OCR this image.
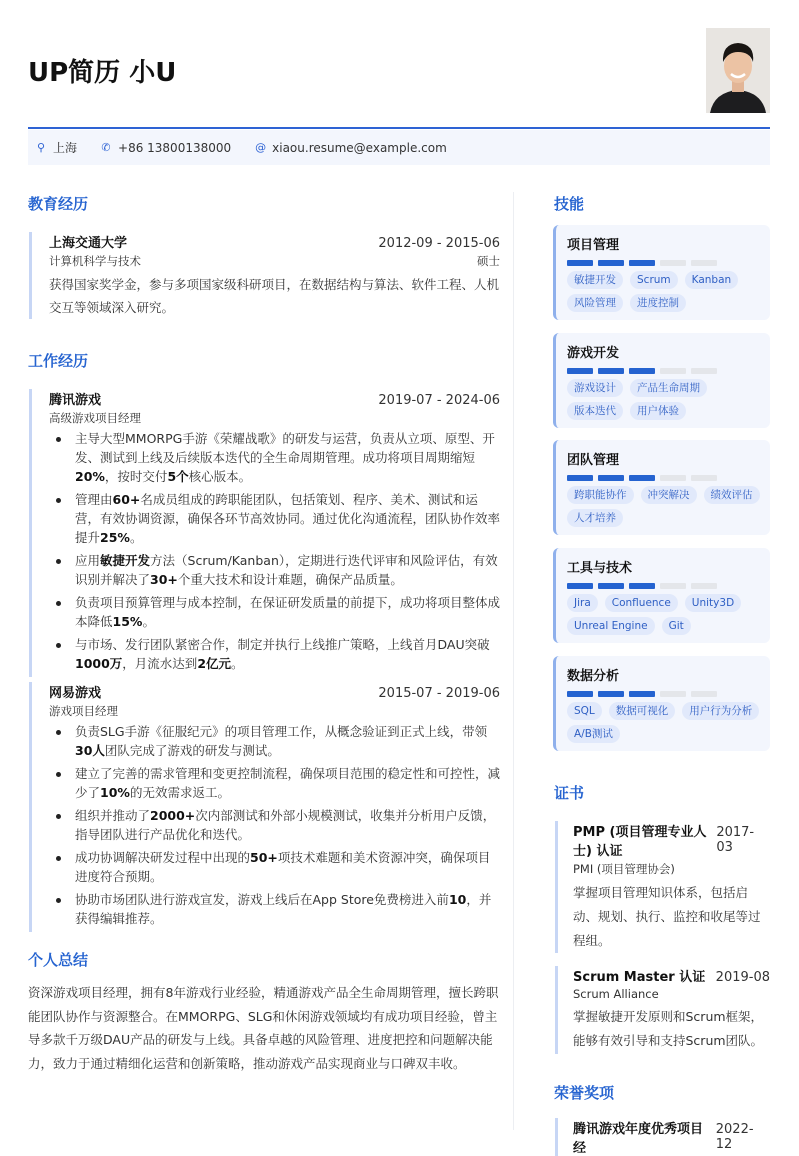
UP简历 小U
⚲ 上海 ✆ +86 13800138000 @ xiaou.resume@example.com
教育经历
上海交通大学	2012-09 - 2015-06
计算机科学与技术	硕士
获得国家奖学金，参与多项国家级科研项目，在数据结构与算法、软件工程、人机交互等领域深入研究。
工作经历
腾讯游戏	2019-07 - 2024-06
高级游戏项目经理
主导大型MMORPG手游《荣耀战歌》的研发与运营，负责从立项、原型、开发、测试到上线及后续版本迭代的全生命周期管理。成功将项目周期缩短20%，按时交付5个核心版本。
管理由60+名成员组成的跨职能团队，包括策划、程序、美术、测试和运营，有效协调资源，确保各环节高效协同。通过优化沟通流程，团队协作效率提升25%。
应用敏捷开发方法（Scrum/Kanban），定期进行迭代评审和风险评估，有效识别并解决了30+个重大技术和设计难题，确保产品质量。
负责项目预算管理与成本控制，在保证研发质量的前提下，成功将项目整体成本降低15%。
与市场、发行团队紧密合作，制定并执行上线推广策略，上线首月DAU突破1000万，月流水达到2亿元。
网易游戏	2015-07 - 2019-06
游戏项目经理
负责SLG手游《征服纪元》的项目管理工作，从概念验证到正式上线，带领30人团队完成了游戏的研发与测试。
建立了完善的需求管理和变更控制流程，确保项目范围的稳定性和可控性，减少了10%的无效需求返工。
组织并推动了2000+次内部测试和外部小规模测试，收集并分析用户反馈，指导团队进行产品优化和迭代。
成功协调解决研发过程中出现的50+项技术难题和美术资源冲突，确保项目进度符合预期。
协助市场团队进行游戏宣发，游戏上线后在App Store免费榜进入前10，并获得编辑推荐。
个人总结
资深游戏项目经理，拥有8年游戏行业经验，精通游戏产品全生命周期管理，擅长跨职能团队协作与资源整合。在MMORPG、SLG和休闲游戏领域均有成功项目经验，曾主导多款千万级DAU产品的研发与上线。具备卓越的风险管理、进度把控和问题解决能力，致力于通过精细化运营和创新策略，推动游戏产品实现商业与口碑双丰收。
技能
项目管理
敏捷开发	Scrum	Kanban
风险管理	进度控制
游戏开发
游戏设计	产品生命周期
版本迭代	用户体验
团队管理
跨职能协作	冲突解决	绩效评估
人才培养
工具与技术
Jira	Confluence	Unity3D
Unreal Engine	Git
数据分析
SQL	数据可视化	用户行为分析
A/B测试
证书
PMP (项目管理专业人士) 认证
2017-03
PMI (项目管理协会)
掌握项目管理知识体系，包括启动、规划、执行、监控和收尾等过程组。
Scrum Master 认证 2019-08
Scrum Alliance
掌握敏捷开发原则和Scrum框架，能够有效引导和支持Scrum团队。
荣誉奖项
腾讯游戏年度优秀项目经
2022-12
